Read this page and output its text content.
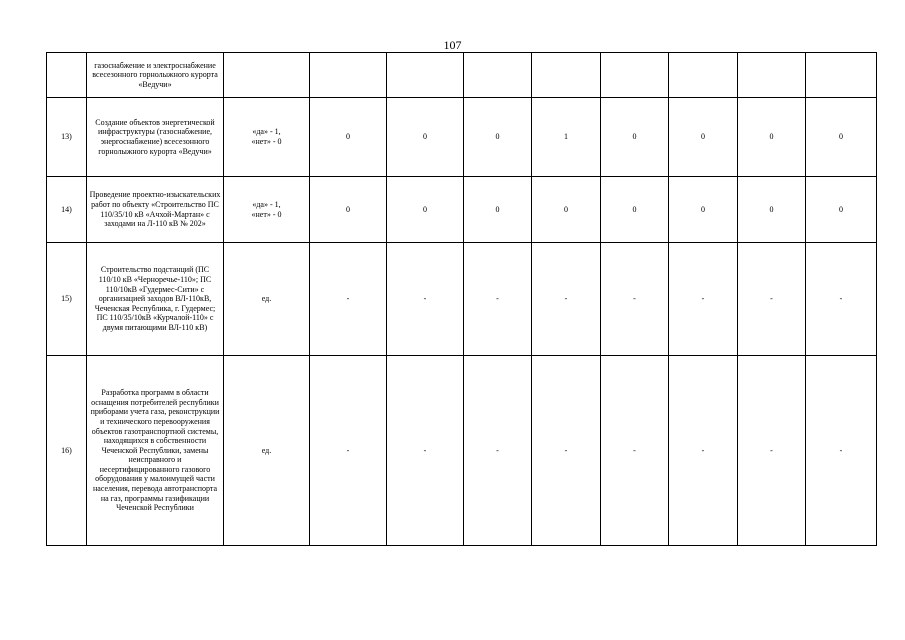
107
	газоснабжение и электроснабжение всесезонного горнолыжного курорта «Ведучи»									
13)	Создание объектов энергетической инфраструктуры (газоснабжение, энергоснабжение) всесезонного горнолыжного курорта «Ведучи»	«да» - 1, «нет» - 0	0	0	0	1	0	0	0	0
14)	Проведение проектно-изыскательских работ по объекту «Строительство ПС 110/35/10 кВ «Ачхой-Мартан» с заходами на Л-110 кВ № 202»	«да» - 1, «нет» - 0	0	0	0	0	0	0	0	0
15)	Строительство подстанций (ПС 110/10 кВ «Черноречье-110»; ПС 110/10кВ «Гудермес-Сити» с организацией заходов ВЛ-110кВ, Чеченская Республика, г. Гудермес; ПС 110/35/10кВ «Курчалой-110» с двумя питающими ВЛ-110 кВ)	ед.	-	-	-	-	-	-	-	-
16)	Разработка программ в области оснащения потребителей республики приборами учета газа, реконструкции и технического перевооружения объектов газотранспортной системы, находящихся в собственности Чеченской Республики, замены неисправного и несертифицированного газового оборудования у малоимущей части населения, перевода автотранспорта на газ, программы газификации Чеченской Республики	ед.	-	-	-	-	-	-	-	-
